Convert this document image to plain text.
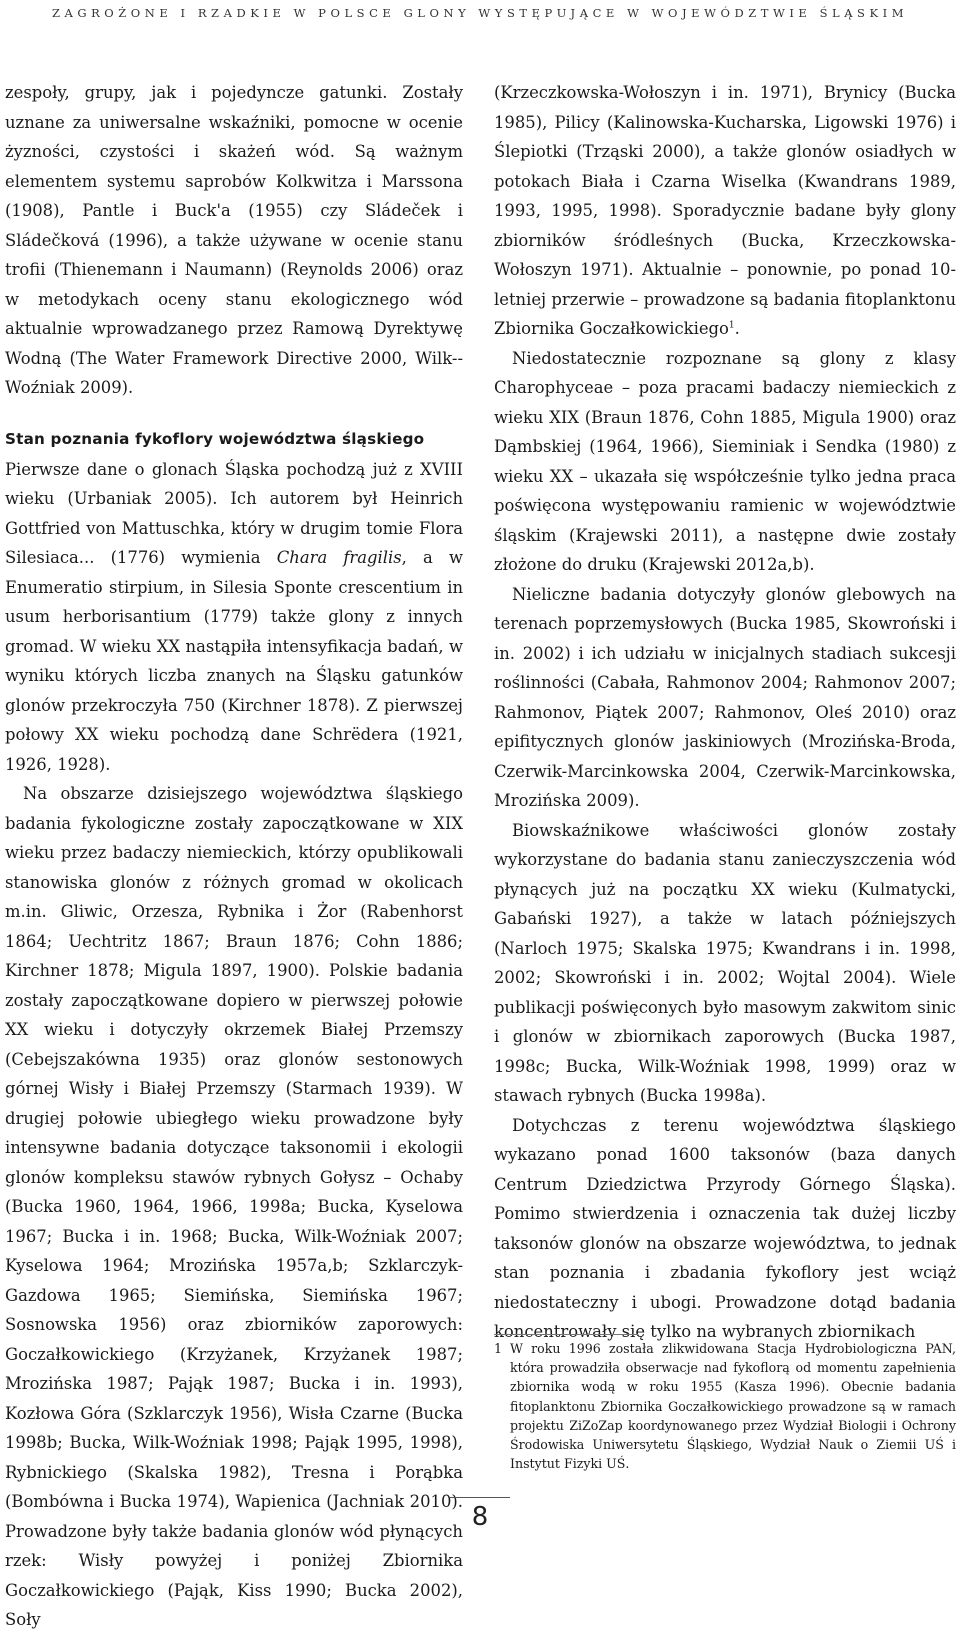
ZAGROŻONE I RZADKIE W POLSCE GLONY WYSTĘPUJĄCE W WOJEWÓDZTWIE ŚLĄSKIM

zespoły, grupy, jak i pojedyncze gatunki. Zostały uznane za uniwersalne wskaźniki, pomocne w ocenie żyzności, czystości i skażeń wód. Są ważnym elementem systemu saprobów Kolkwitza i Marssona (1908), Pantle i Buck'a (1955) czy Sládeček i Sládečková (1996), a także używane w ocenie stanu trofii (Thienemann i Naumann) (Reynolds 2006) oraz w metodykach oceny stanu ekologicznego wód aktualnie wprowadzanego przez Ramową Dyrektywę Wodną (The Water Framework Directive 2000, Wilk--Woźniak 2009).

Stan poznania fykoflory województwa śląskiego

Pierwsze dane o glonach Śląska pochodzą już z XVIII wieku (Urbaniak 2005). Ich autorem był Heinrich Gottfried von Mattuschka, który w drugim tomie Flora Silesiaca... (1776) wymienia Chara fragilis, a w Enumeratio stirpium, in Silesia Sponte crescentium in usum herborisantium (1779) także glony z innych gromad. W wieku XX nastąpiła intensyfikacja badań, w wyniku których liczba znanych na Śląsku gatunków glonów przekroczyła 750 (Kirchner 1878). Z pierwszej połowy XX wieku pochodzą dane Schrëdera (1921, 1926, 1928).

Na obszarze dzisiejszego województwa śląskiego badania fykologiczne zostały zapoczątkowane w XIX wieku przez badaczy niemieckich, którzy opublikowali stanowiska glonów z różnych gromad w okolicach m.in. Gliwic, Orzesza, Rybnika i Żor (Rabenhorst 1864; Uechtritz 1867; Braun 1876; Cohn 1886; Kirchner 1878; Migula 1897, 1900). Polskie badania zostały zapoczątkowane dopiero w pierwszej połowie XX wieku i dotyczyły okrzemek Białej Przemszy (Cebejszakówna 1935) oraz glonów sestonowych górnej Wisły i Białej Przemszy (Starmach 1939). W drugiej połowie ubiegłego wieku prowadzone były intensywne badania dotyczące taksonomii i ekologii glonów kompleksu stawów rybnych Gołysz – Ochaby (Bucka 1960, 1964, 1966, 1998a; Bucka, Kyselowa 1967; Bucka i in. 1968; Bucka, Wilk-Woźniak 2007; Kyselowa 1964; Mrozińska 1957a,b; Szklarczyk-Gazdowa 1965; Siemińska, Siemińska 1967; Sosnowska 1956) oraz zbiorników zaporowych: Goczałkowickiego (Krzyżanek, Krzyżanek 1987; Mrozińska 1987; Pająk 1987; Bucka i in. 1993), Kozłowa Góra (Szklarczyk 1956), Wisła Czarne (Bucka 1998b; Bucka, Wilk-Woźniak 1998; Pająk 1995, 1998), Rybnickiego (Skalska 1982), Tresna i Porąbka (Bombówna i Bucka 1974), Wapienica (Jachniak 2010). Prowadzone były także badania glonów wód płynących rzek: Wisły powyżej i poniżej Zbiornika Goczałkowickiego (Pająk, Kiss 1990; Bucka 2002), Soły

(Krzeczkowska-Wołoszyn i in. 1971), Brynicy (Bucka 1985), Pilicy (Kalinowska-Kucharska, Ligowski 1976) i Ślepiotki (Trząski 2000), a także glonów osiadłych w potokach Biała i Czarna Wiselka (Kwandrans 1989, 1993, 1995, 1998). Sporadycznie badane były glony zbiorników śródleśnych (Bucka, Krzeczkowska-Wołoszyn 1971). Aktualnie – ponownie, po ponad 10-letniej przerwie – prowadzone są badania fitoplanktonu Zbiornika Goczałkowickiego$^1$.

Niedostatecznie rozpoznane są glony z klasy Charophyceae – poza pracami badaczy niemieckich z wieku XIX (Braun 1876, Cohn 1885, Migula 1900) oraz Dąmbskiej (1964, 1966), Sieminiak i Sendka (1980) z wieku XX – ukazała się współcześnie tylko jedna praca poświęcona występowaniu ramienic w województwie śląskim (Krajewski 2011), a następne dwie zostały złożone do druku (Krajewski 2012a,b).

Nieliczne badania dotyczyły glonów glebowych na terenach poprzemysłowych (Bucka 1985, Skowroński i in. 2002) i ich udziału w inicjalnych stadiach sukcesji roślinności (Cabała, Rahmonov 2004; Rahmonov 2007; Rahmonov, Piątek 2007; Rahmonov, Oleś 2010) oraz epifitycznych glonów jaskiniowych (Mrozińska-Broda, Czerwik-Marcinkowska 2004, Czerwik-Marcinkowska, Mrozińska 2009).

Biowskaźnikowe właściwości glonów zostały wykorzystane do badania stanu zanieczyszczenia wód płynących już na początku XX wieku (Kulmatycki, Gabański 1927), a także w latach późniejszych (Narloch 1975; Skalska 1975; Kwandrans i in. 1998, 2002; Skowroński i in. 2002; Wojtal 2004). Wiele publikacji poświęconych było masowym zakwitom sinic i glonów w zbiornikach zaporowych (Bucka 1987, 1998c; Bucka, Wilk-Woźniak 1998, 1999) oraz w stawach rybnych (Bucka 1998a).

Dotychczas z terenu województwa śląskiego wykazano ponad 1600 taksonów (baza danych Centrum Dziedzictwa Przyrody Górnego Śląska). Pomimo stwierdzenia i oznaczenia tak dużej liczby taksonów glonów na obszarze województwa, to jednak stan poznania i zbadania fykoflory jest wciąż niedostateczny i ubogi. Prowadzone dotąd badania koncentrowały się tylko na wybranych zbiornikach

1 W roku 1996 została zlikwidowana Stacja Hydrobiologiczna PAN, która prowadziła obserwacje nad fykoflorą od momentu zapełnienia zbiornika wodą w roku 1955 (Kasza 1996). Obecnie badania fitoplanktonu Zbiornika Goczałkowickiego prowadzone są w ramach projektu ZiZoZap koordynowanego przez Wydział Biologii i Ochrony Środowiska Uniwersytetu Śląskiego, Wydział Nauk o Ziemii UŚ i Instytut Fizyki UŚ.
8
